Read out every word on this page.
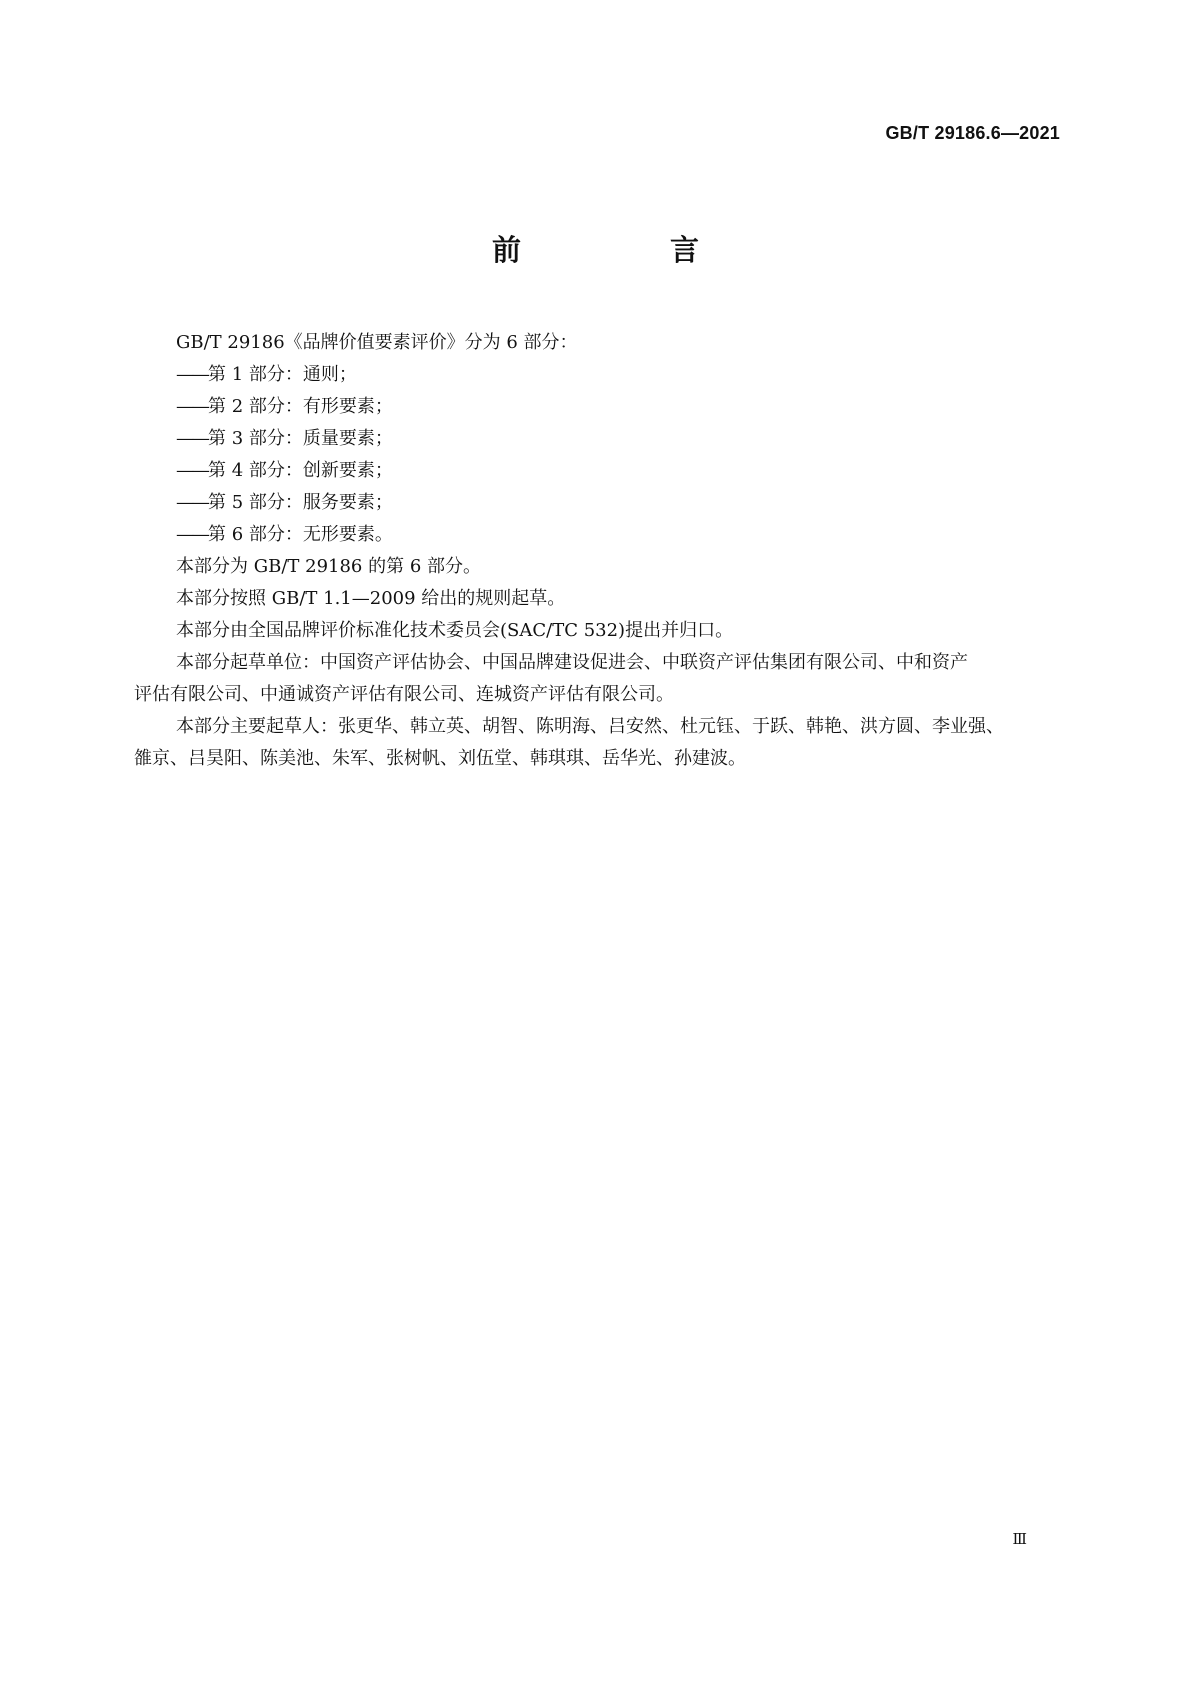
GB/T 29186.6—2021
前　言

GB/T 29186《品牌价值要素评价》分为 6 部分：

——第 1 部分：通则；

——第 2 部分：有形要素；

——第 3 部分：质量要素；

——第 4 部分：创新要素；

——第 5 部分：服务要素；

——第 6 部分：无形要素。

本部分为 GB/T 29186 的第 6 部分。

本部分按照 GB/T 1.1—2009 给出的规则起草。

本部分由全国品牌评价标准化技术委员会(SAC/TC 532)提出并归口。

本部分起草单位：中国资产评估协会、中国品牌建设促进会、中联资产评估集团有限公司、中和资产
评估有限公司、中通诚资产评估有限公司、连城资产评估有限公司。

本部分主要起草人：张更华、韩立英、胡智、陈明海、吕安然、杜元钰、于跃、韩艳、洪方圆、李业强、
雒京、吕昊阳、陈美池、朱军、张树帆、刘伍堂、韩琪琪、岳华光、孙建波。

Ⅲ
